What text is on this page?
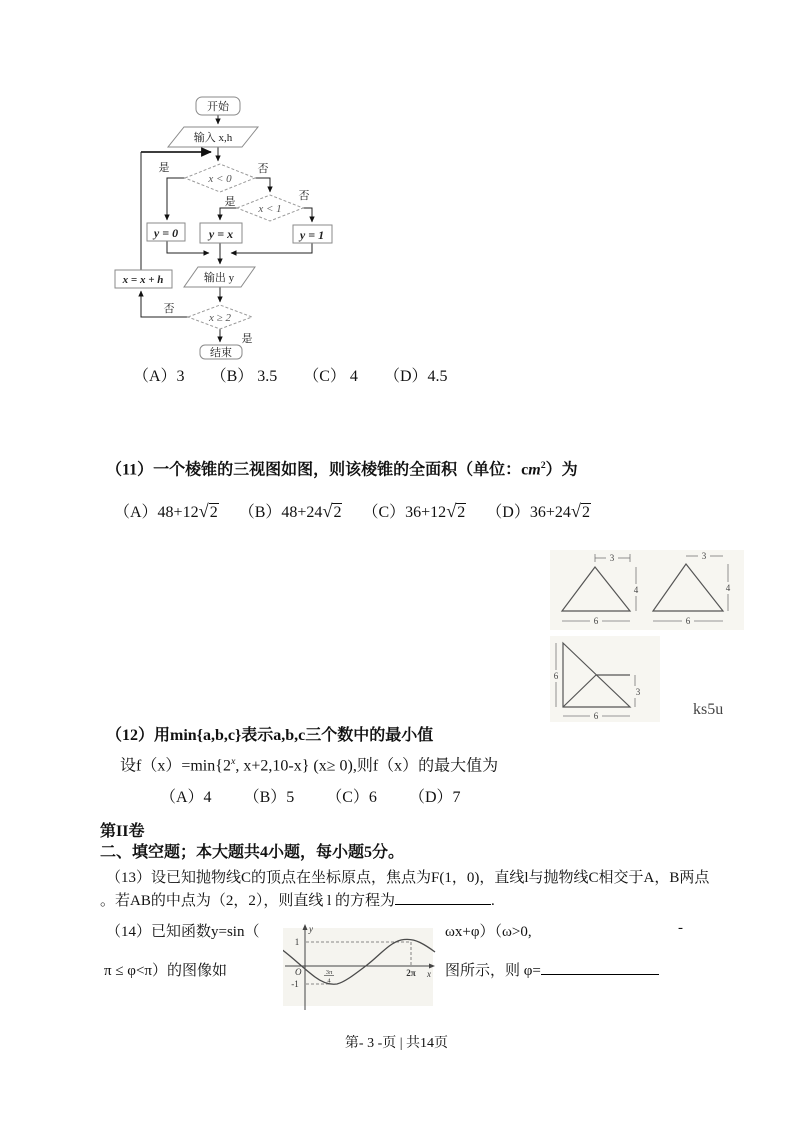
开始
输入 x,h
是	否
x < 0
是	否
x < 1
y = 0	y = x	y = 1
输出 y
x = x + h
否
x ≥ 2
是
结束
（A）3 （B） 3.5 （C） 4 （D）4.5
（11）一个棱锥的三视图如图，则该棱锥的全面积（单位：$cm^2$）为
（A）48+12 √ 2 （B）48+24 √ 2 （C）36+12 √ 2 （D）36+24 √ 2
3
4
6
3
4
6
6
6
3
ks5u
（12）用min{a,b,c}表示a,b,c三个数中的最小值
设$f(x)=\min\{2^x$, x+2,10-x} (x≥ 0),则f（x）的最大值为
（A）4 （B）5 （C）6 （D）7
第II卷
二、填空题；本大题共4小题，每小题5分。
（13）设已知抛物线C的顶点在坐标原点，焦点为F(1，0)，直线l与抛物线C相交于A，B两点
。若AB的中点为（2，2），则直线 l 的方程为	.
（14）已知函数y=sin（	ωx+φ）（ω>0,	-
π ≤ φ<π）的图像如	图所示，则 φ=
y
x
O
1
-1
2π
3π
4
第- 3 -页 | 共14页
